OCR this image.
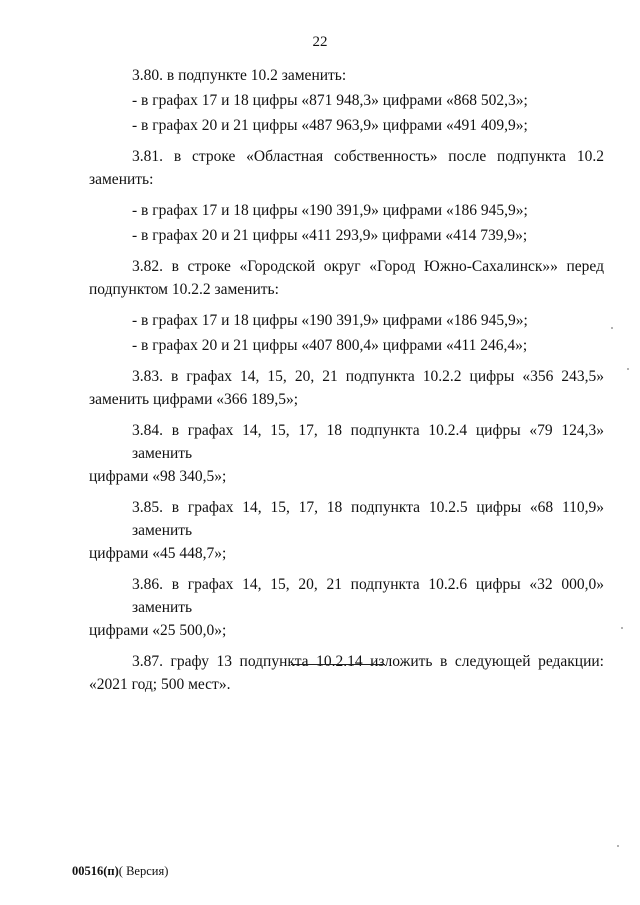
22
3.80. в подпункте 10.2 заменить:
- в графах 17 и 18 цифры «871 948,3» цифрами «868 502,3»;
- в графах 20 и 21 цифры «487 963,9» цифрами «491 409,9»;
3.81. в строке «Областная собственность» после подпункта 10.2
заменить:
- в графах 17 и 18 цифры «190 391,9» цифрами «186 945,9»;
- в графах 20 и 21 цифры «411 293,9» цифрами «414 739,9»;
3.82. в строке «Городской округ «Город Южно-Сахалинск»» перед
подпунктом 10.2.2 заменить:
- в графах 17 и 18 цифры «190 391,9» цифрами «186 945,9»;
- в графах 20 и 21 цифры «407 800,4» цифрами «411 246,4»;
3.83. в графах 14, 15, 20, 21 подпункта 10.2.2 цифры «356 243,5»
заменить цифрами «366 189,5»;
3.84. в графах 14, 15, 17, 18 подпункта 10.2.4 цифры «79 124,3» заменить
цифрами «98 340,5»;
3.85. в графах 14, 15, 17, 18 подпункта 10.2.5 цифры «68 110,9» заменить
цифрами «45 448,7»;
3.86. в графах 14, 15, 20, 21 подпункта 10.2.6 цифры «32 000,0» заменить
цифрами «25 500,0»;
3.87. графу 13 подпункта 10.2.14 изложить в следующей редакции:
«2021 год; 500 мест».
00516(п)( Версия)
